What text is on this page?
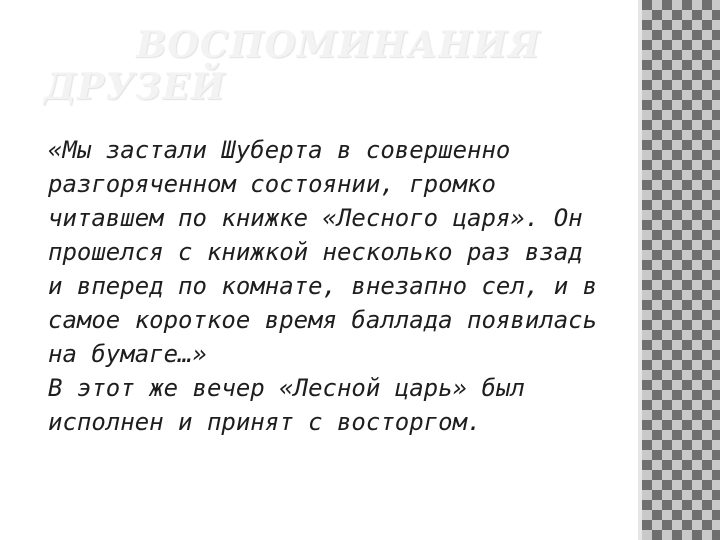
ВОСПОМИНАНИЯ
ДРУЗЕЙ

«Мы застали Шуберта в совершенно разгоряченном состоянии, громко читавшем по книжке «Лесного царя». Он прошелся с книжкой несколько раз взад и вперед по комнате, внезапно сел, и в самое короткое время баллада появилась на бумаге…»

В этот же вечер «Лесной царь» был исполнен и принят с восторгом.
